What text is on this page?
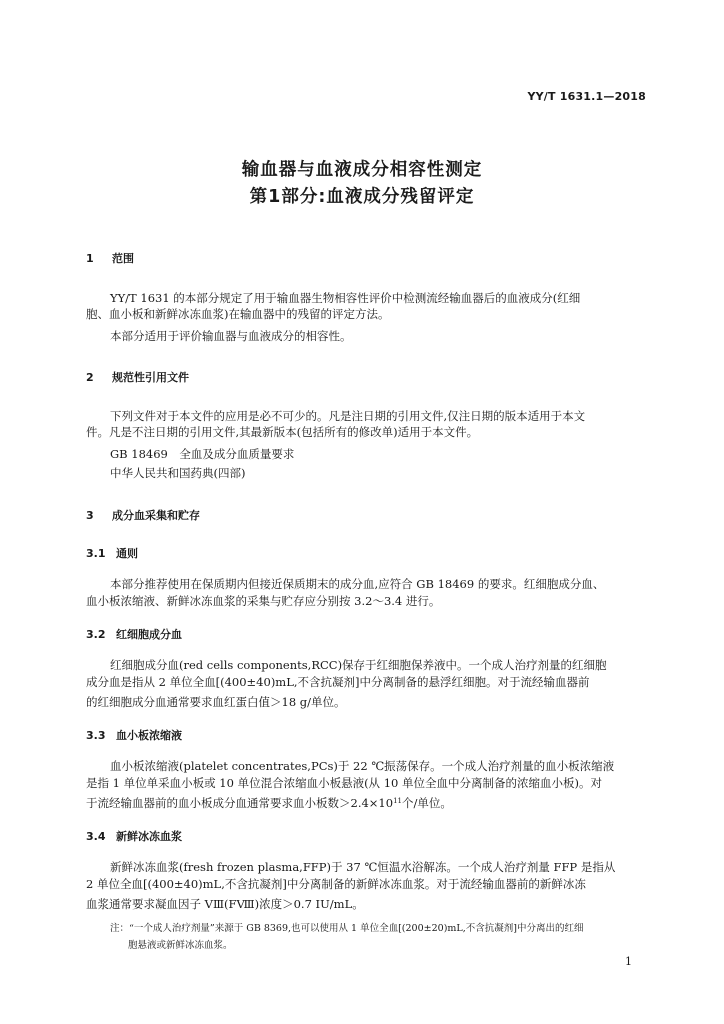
YY/T 1631.1—2018
输血器与血液成分相容性测定
第1部分:血液成分残留评定
1 范围
YY/T 1631 的本部分规定了用于输血器生物相容性评价中检测流经输血器后的血液成分(红细
胞、血小板和新鲜冰冻血浆)在输血器中的残留的评定方法。
本部分适用于评价输血器与血液成分的相容性。
2 规范性引用文件
下列文件对于本文件的应用是必不可少的。凡是注日期的引用文件,仅注日期的版本适用于本文
件。凡是不注日期的引用文件,其最新版本(包括所有的修改单)适用于本文件。
GB 18469　全血及成分血质量要求
中华人民共和国药典(四部)
3 成分血采集和贮存
3.1 通则
本部分推荐使用在保质期内但接近保质期末的成分血,应符合 GB 18469 的要求。红细胞成分血、
血小板浓缩液、新鲜冰冻血浆的采集与贮存应分别按 3.2～3.4 进行。
3.2 红细胞成分血
红细胞成分血(red cells components,RCC)保存于红细胞保养液中。一个成人治疗剂量的红细胞
成分血是指从 2 单位全血[(400±40)mL,不含抗凝剂]中分离制备的悬浮红细胞。对于流经输血器前
的红细胞成分血通常要求血红蛋白值＞18 g/单位。
3.3 血小板浓缩液
血小板浓缩液(platelet concentrates,PCs)于 22 ℃振荡保存。一个成人治疗剂量的血小板浓缩液
是指 1 单位单采血小板或 10 单位混合浓缩血小板悬液(从 10 单位全血中分离制备的浓缩血小板)。对
于流经输血器前的血小板成分血通常要求血小板数$>2.4\times 10^{11}$个/单位。
3.4 新鲜冰冻血浆
新鲜冰冻血浆(fresh frozen plasma,FFP)于 37 ℃恒温水浴解冻。一个成人治疗剂量 FFP 是指从
2 单位全血[(400±40)mL,不含抗凝剂]中分离制备的新鲜冰冻血浆。对于流经输血器前的新鲜冰冻
血浆通常要求凝血因子 VⅢ(FⅧ)浓度＞0.7 IU/mL。
注：“一个成人治疗剂量”来源于 GB 8369,也可以使用从 1 单位全血[(200±20)mL,不含抗凝剂]中分离出的红细
胞悬液或新鲜冰冻血浆。
1
